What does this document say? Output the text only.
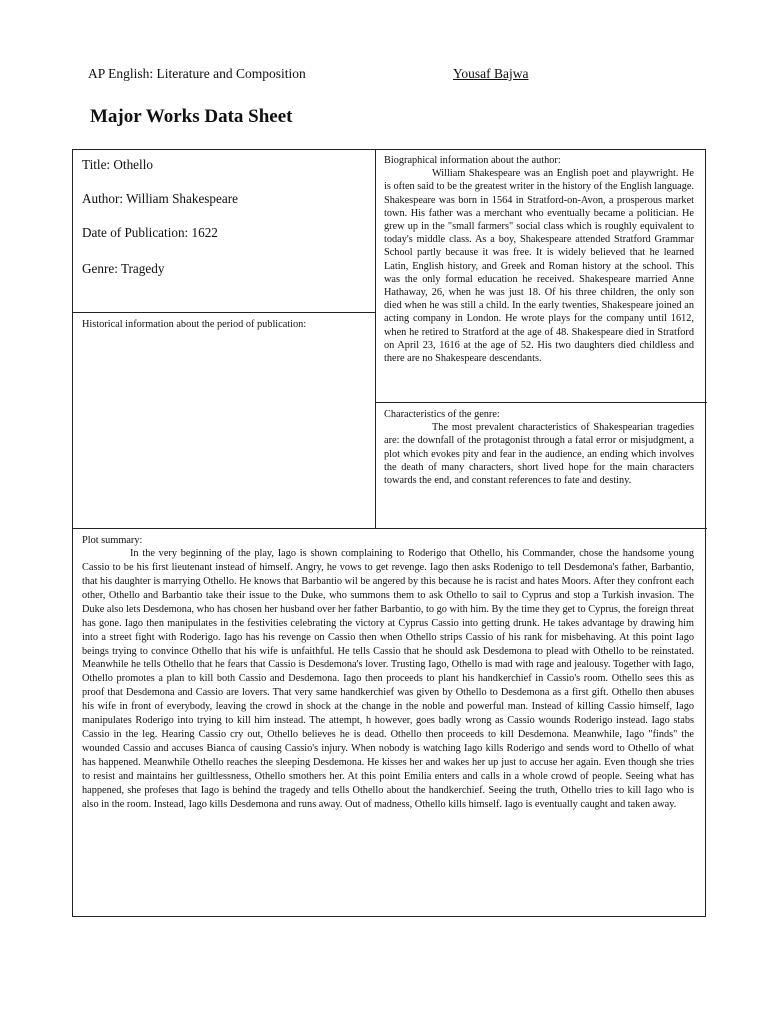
AP English: Literature and Composition	Yousaf Bajwa
Major Works Data Sheet
Title: Othello
Author: William Shakespeare
Date of Publication: 1622
Genre: Tragedy
Biographical information about the author:
William Shakespeare was an English poet and playwright. He is often said to be the greatest writer in the history of the English language. Shakespeare was born in 1564 in Stratford-on-Avon, a prosperous market town. His father was a merchant who eventually became a politician. He grew up in the "small farmers" social class which is roughly equivalent to today's middle class. As a boy, Shakespeare attended Stratford Grammar School partly because it was free. It is widely believed that he learned Latin, English history, and Greek and Roman history at the school. This was the only formal education he received. Shakespeare married Anne Hathaway, 26, when he was just 18. Of his three children, the only son died when he was still a child. In the early twenties, Shakespeare joined an acting company in London. He wrote plays for the company until 1612, when he retired to Stratford at the age of 48. Shakespeare died in Stratford on April 23, 1616 at the age of 52. His two daughters died childless and there are no Shakespeare descendants.
Historical information about the period of publication:
Characteristics of the genre:
The most prevalent characteristics of Shakespearian tragedies are: the downfall of the protagonist through a fatal error or misjudgment, a plot which evokes pity and fear in the audience, an ending which involves the death of many characters, short lived hope for the main characters towards the end, and constant references to fate and destiny.
Plot summary:
In the very beginning of the play, Iago is shown complaining to Roderigo that Othello, his Commander, chose the handsome young Cassio to be his first lieutenant instead of himself. Angry, he vows to get revenge. Iago then asks Rodenigo to tell Desdemona's father, Barbantio, that his daughter is marrying Othello. He knows that Barbantio wil be angered by this because he is racist and hates Moors. After they confront each other, Othello and Barbantio take their issue to the Duke, who summons them to ask Othello to sail to Cyprus and stop a Turkish invasion. The Duke also lets Desdemona, who has chosen her husband over her father Barbantio, to go with him. By the time they get to Cyprus, the foreign threat has gone. Iago then manipulates in the festivities celebrating the victory at Cyprus Cassio into getting drunk. He takes advantage by drawing him into a street fight with Roderigo. Iago has his revenge on Cassio then when Othello strips Cassio of his rank for misbehaving. At this point Iago beings trying to convince Othello that his wife is unfaithful. He tells Cassio that he should ask Desdemona to plead with Othello to be reinstated. Meanwhile he tells Othello that he fears that Cassio is Desdemona's lover. Trusting Iago, Othello is mad with rage and jealousy. Together with Iago, Othello promotes a plan to kill both Cassio and Desdemona. Iago then proceeds to plant his handkerchief in Cassio's room. Othello sees this as proof that Desdemona and Cassio are lovers. That very same handkerchief was given by Othello to Desdemona as a first gift. Othello then abuses his wife in front of everybody, leaving the crowd in shock at the change in the noble and powerful man. Instead of killing Cassio himself, Iago manipulates Roderigo into trying to kill him instead. The attempt, h however, goes badly wrong as Cassio wounds Roderigo instead. Iago stabs Cassio in the leg. Hearing Cassio cry out, Othello believes he is dead. Othello then proceeds to kill Desdemona. Meanwhile, Iago "finds" the wounded Cassio and accuses Bianca of causing Cassio's injury. When nobody is watching Iago kills Roderigo and sends word to Othello of what has happened. Meanwhile Othello reaches the sleeping Desdemona. He kisses her and wakes her up just to accuse her again. Even though she tries to resist and maintains her guiltlessness, Othello smothers her. At this point Emilia enters and calls in a whole crowd of people. Seeing what has happened, she profeses that Iago is behind the tragedy and tells Othello about the handkerchief. Seeing the truth, Othello tries to kill Iago who is also in the room. Instead, Iago kills Desdemona and runs away. Out of madness, Othello kills himself. Iago is eventually caught and taken away.
